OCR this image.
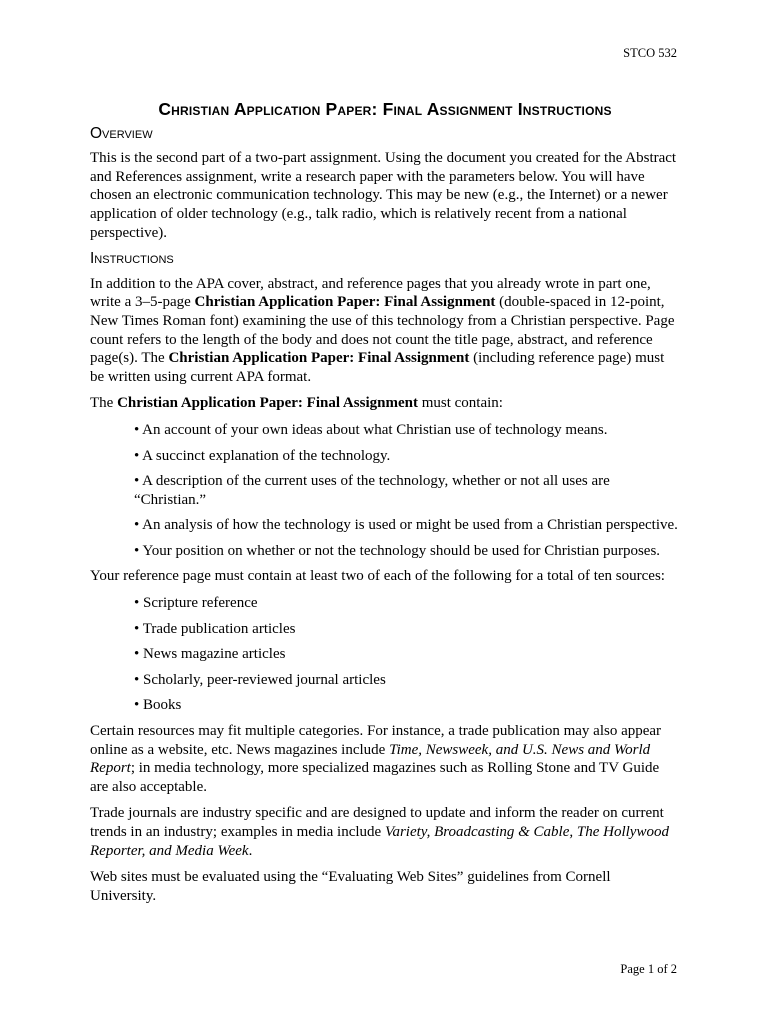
STCO 532
Christian Application Paper: Final Assignment Instructions
Overview

This is the second part of a two-part assignment. Using the document you created for the Abstract and References assignment, write a research paper with the parameters below. You will have chosen an electronic communication technology. This may be new (e.g., the Internet) or a newer application of older technology (e.g., talk radio, which is relatively recent from a national perspective).

Instructions

In addition to the APA cover, abstract, and reference pages that you already wrote in part one, write a 3–5-page Christian Application Paper: Final Assignment (double-spaced in 12-point, New Times Roman font) examining the use of this technology from a Christian perspective. Page count refers to the length of the body and does not count the title page, abstract, and reference page(s). The Christian Application Paper: Final Assignment (including reference page) must be written using current APA format.

The Christian Application Paper: Final Assignment must contain:

• An account of your own ideas about what Christian use of technology means.
• A succinct explanation of the technology.
• A description of the current uses of the technology, whether or not all uses are “Christian.”
• An analysis of how the technology is used or might be used from a Christian perspective.
• Your position on whether or not the technology should be used for Christian purposes.

Your reference page must contain at least two of each of the following for a total of ten sources:

• Scripture reference
• Trade publication articles
• News magazine articles
• Scholarly, peer-reviewed journal articles
• Books

Certain resources may fit multiple categories. For instance, a trade publication may also appear online as a website, etc. News magazines include Time, Newsweek, and U.S. News and World Report; in media technology, more specialized magazines such as Rolling Stone and TV Guide are also acceptable.

Trade journals are industry specific and are designed to update and inform the reader on current trends in an industry; examples in media include Variety, Broadcasting & Cable, The Hollywood Reporter, and Media Week.

Web sites must be evaluated using the “Evaluating Web Sites” guidelines from Cornell University.

Page 1 of 2
